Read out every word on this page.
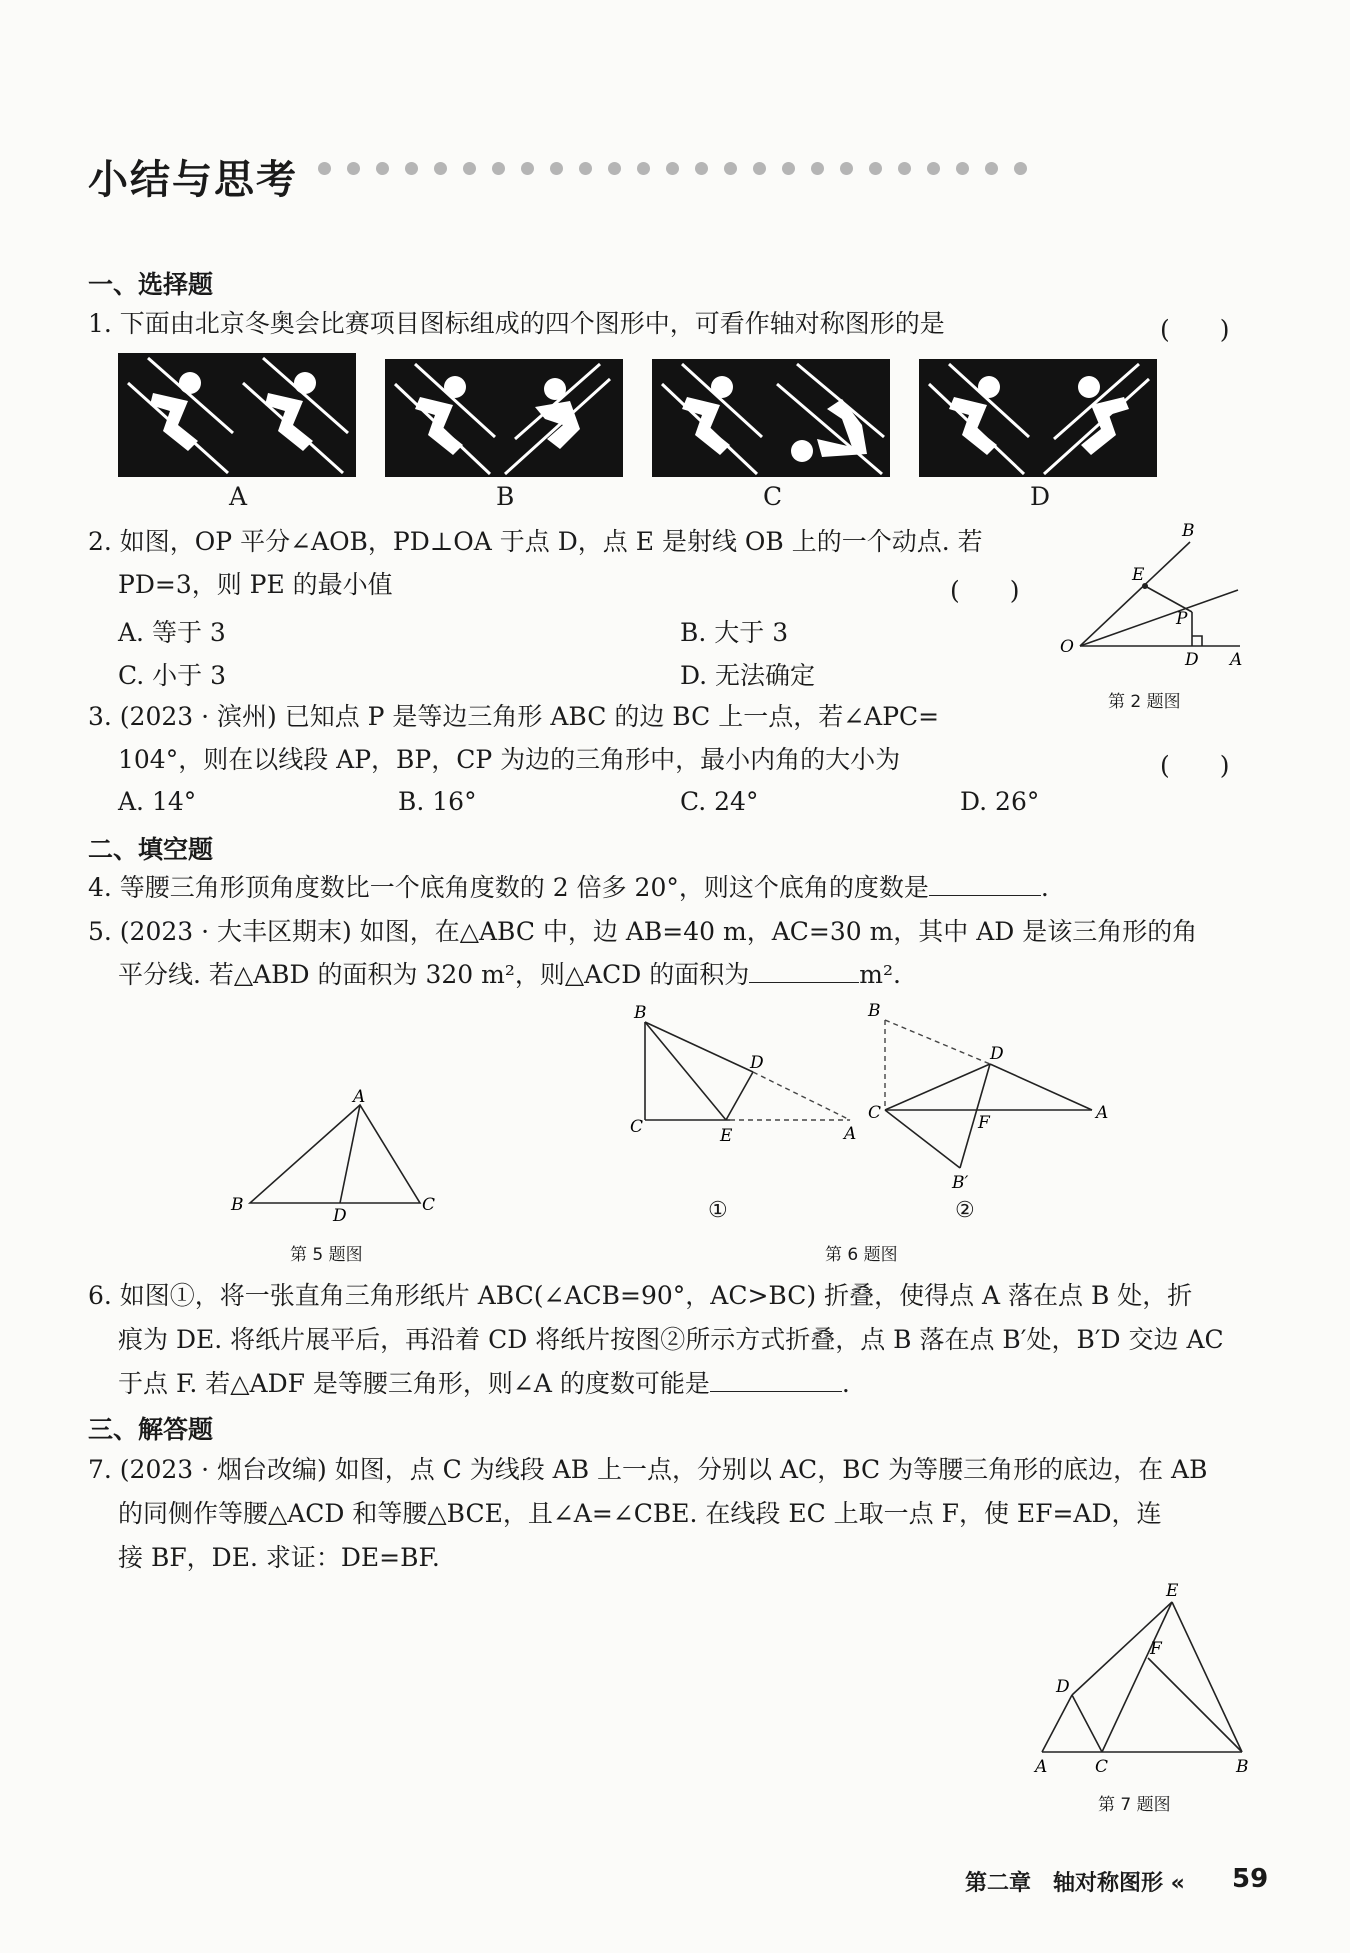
小结与思考
一、选择题
1. 下面由北京冬奥会比赛项目图标组成的四个图形中，可看作轴对称图形的是	(　　)
A	B	C	D
2. 如图，OP 平分∠AOB，PD⊥OA 于点 D，点 E 是射线 OB 上的一个动点. 若
PD=3，则 PE 的最小值	(　　)
A. 等于 3	B. 大于 3
C. 小于 3	D. 无法确定
B
E
P
O
D A
第 2 题图
3. (2023 · 滨州) 已知点 P 是等边三角形 ABC 的边 BC 上一点，若∠APC=
104°，则在以线段 AP，BP，CP 为边的三角形中，最小内角的大小为	(　　)
A. 14°	B. 16°	C. 24°	D. 26°
二、填空题
4. 等腰三角形顶角度数比一个底角度数的 2 倍多 20°，则这个底角的度数是	.
5. (2023 · 大丰区期末) 如图，在△ABC 中，边 AB=40 m，AC=30 m，其中 AD 是该三角形的角
平分线. 若△ABD 的面积为 320 m²，则△ACD 的面积为	m².
A
B
D
C
第 5 题图
B
C	E
D
A
①
B
D
C	F	A
B′
②
第 6 题图
6. 如图①，将一张直角三角形纸片 ABC(∠ACB=90°，AC>BC) 折叠，使得点 A 落在点 B 处，折
痕为 DE. 将纸片展平后，再沿着 CD 将纸片按图②所示方式折叠，点 B 落在点 B′处，B′D 交边 AC
于点 F. 若△ADF 是等腰三角形，则∠A 的度数可能是	.
三、解答题
7. (2023 · 烟台改编) 如图，点 C 为线段 AB 上一点，分别以 AC，BC 为等腰三角形的底边，在 AB
的同侧作等腰△ACD 和等腰△BCE，且∠A=∠CBE. 在线段 EC 上取一点 F，使 EF=AD，连
接 BF，DE. 求证：DE=BF.
E
F
D
A	C	B
第 7 题图
第二章　轴对称图形 « 59
